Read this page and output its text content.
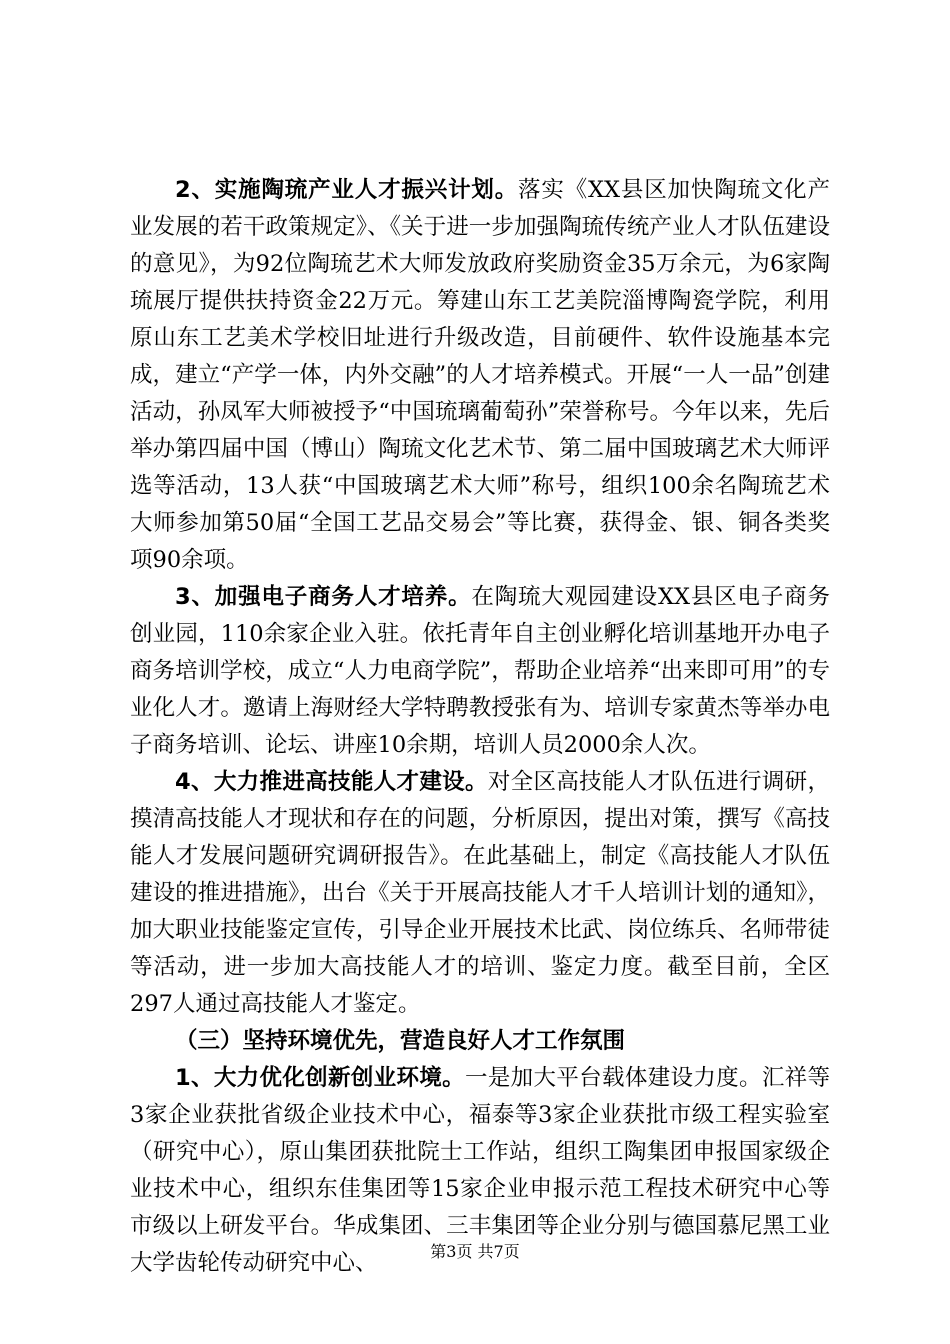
2、实施陶琉产业人才振兴计划。落实《XX县区加快陶琉文化产业发展的若干政策规定》、《关于进一步加强陶琉传统产业人才队伍建设的意见》，为92位陶琉艺术大师发放政府奖励资金35万余元，为6家陶琉展厅提供扶持资金22万元。筹建山东工艺美院淄博陶瓷学院，利用原山东工艺美术学校旧址进行升级改造，目前硬件、软件设施基本完成，建立“产学一体，内外交融”的人才培养模式。开展“一人一品”创建活动，孙凤军大师被授予“中国琉璃葡萄孙”荣誉称号。今年以来，先后举办第四届中国（博山）陶琉文化艺术节、第二届中国玻璃艺术大师评选等活动，13人获“中国玻璃艺术大师”称号，组织100余名陶琉艺术大师参加第50届“全国工艺品交易会”等比赛，获得金、银、铜各类奖项90余项。

3、加强电子商务人才培养。在陶琉大观园建设XX县区电子商务创业园，110余家企业入驻。依托青年自主创业孵化培训基地开办电子商务培训学校，成立“人力电商学院”，帮助企业培养“出来即可用”的专业化人才。邀请上海财经大学特聘教授张有为、培训专家黄杰等举办电子商务培训、论坛、讲座10余期，培训人员2000余人次。

4、大力推进高技能人才建设。对全区高技能人才队伍进行调研，摸清高技能人才现状和存在的问题，分析原因，提出对策，撰写《高技能人才发展问题研究调研报告》。在此基础上，制定《高技能人才队伍建设的推进措施》，出台《关于开展高技能人才千人培训计划的通知》，加大职业技能鉴定宣传，引导企业开展技术比武、岗位练兵、名师带徒等活动，进一步加大高技能人才的培训、鉴定力度。截至目前，全区297人通过高技能人才鉴定。

（三）坚持环境优先，营造良好人才工作氛围

1、大力优化创新创业环境。一是加大平台载体建设力度。汇祥等3家企业获批省级企业技术中心，福泰等3家企业获批市级工程实验室（研究中心），原山集团获批院士工作站，组织工陶集团申报国家级企业技术中心，组织东佳集团等15家企业申报示范工程技术研究中心等市级以上研发平台。华成集团、三丰集团等企业分别与德国慕尼黑工业大学齿轮传动研究中心、	第3页 共7页
